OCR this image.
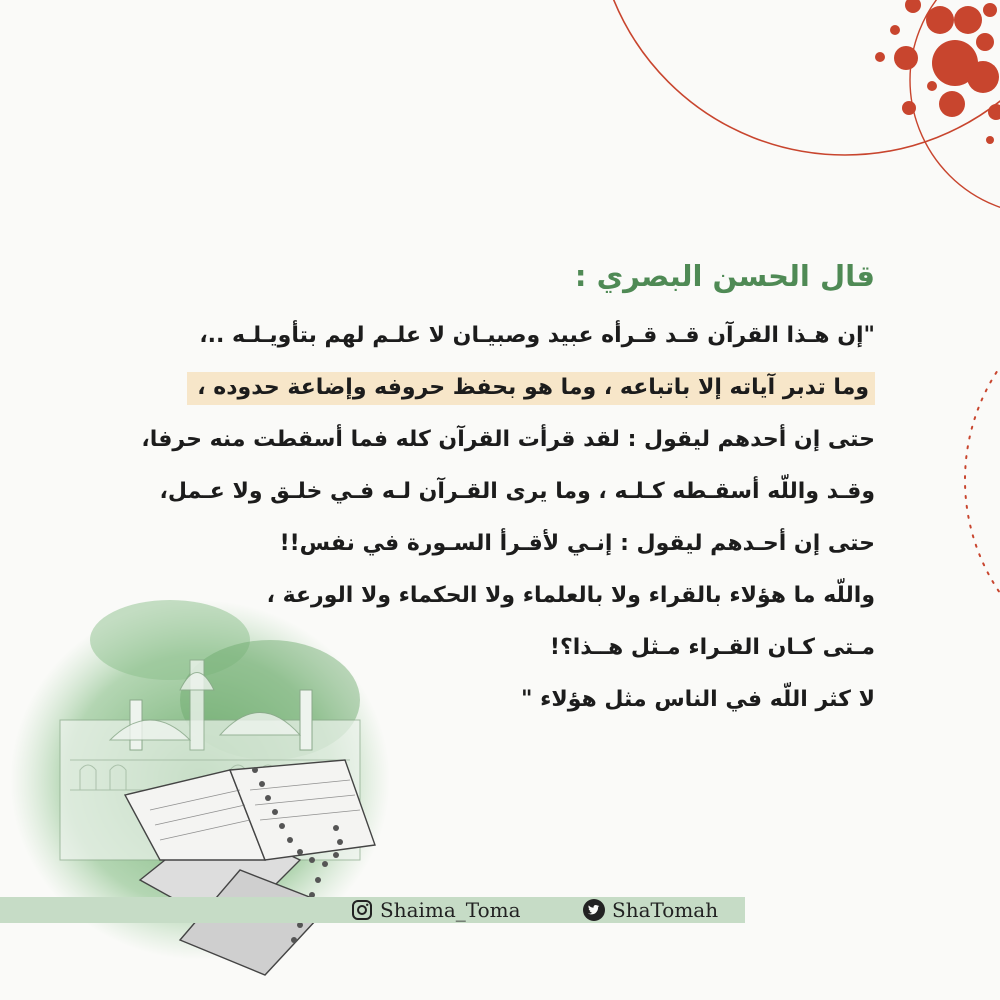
قال الحسن البصري :
"إن هـذا القرآن قـد قـرأه عبيد وصبيـان لا علـم لهم بتأويـلـه ..،
وما تدبر آياته إلا باتباعه ، وما هو بحفظ حروفه وإضاعة حدوده ،
حتى إن أحدهم ليقول : لقد قرأت القرآن كله فما أسقطت منه حرفا،
وقـد واللّه أسقـطه كـلـه ، وما يرى القـرآن لـه فـي خلـق ولا عـمل،
حتى إن أحـدهم ليقول : إنـي لأقـرأ السـورة في نفس!!
واللّه ما هؤلاء بالقراء ولا بالعلماء ولا الحكماء ولا الورعة ،
مـتى كـان القـراء مـثل هــذا؟!
لا كثر اللّه في الناس مثل هؤلاء "
Shaima_Toma	ShaTomah
